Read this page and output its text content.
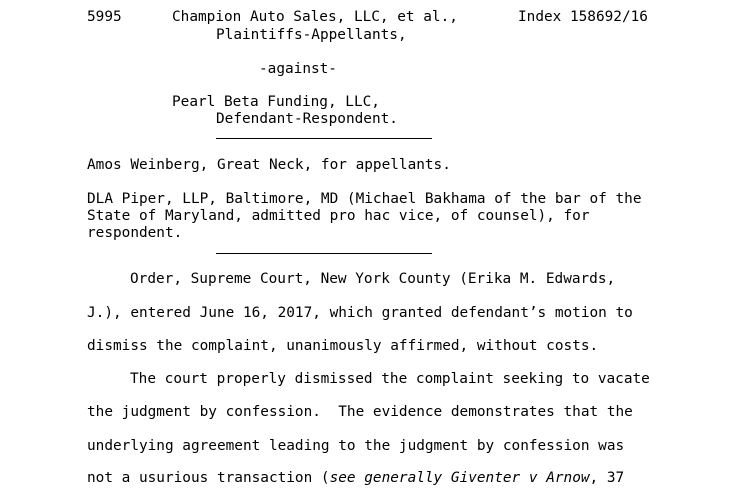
5995	Champion Auto Sales, LLC, et al.,	Index 158692/16
Plaintiffs-Appellants,
-against-
Pearl Beta Funding, LLC,
Defendant-Respondent.
Amos Weinberg, Great Neck, for appellants.
DLA Piper, LLP, Baltimore, MD (Michael Bakhama of the bar of the
State of Maryland, admitted pro hac vice, of counsel), for
respondent.
Order, Supreme Court, New York County (Erika M. Edwards,
J.), entered June 16, 2017, which granted defendant’s motion to
dismiss the complaint, unanimously affirmed, without costs.
The court properly dismissed the complaint seeking to vacate
the judgment by confession.  The evidence demonstrates that the
underlying agreement leading to the judgment by confession was
not a usurious transaction (see generally Giventer v Arnow, 37
